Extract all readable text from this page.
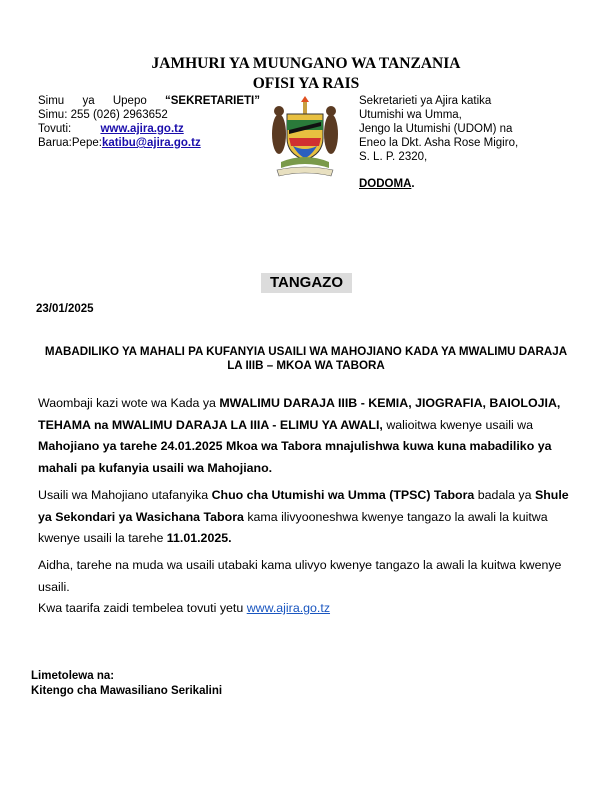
JAMHURI YA MUUNGANO WA TANZANIA
OFISI YA RAIS
Simu ya Upepo “SEKRETARIETI”
Simu: 255 (026) 2963652
Tovuti:	www.ajira.go.tz
Barua:Pepe:katibu@ajira.go.tz
Sekretarieti ya Ajira katika
Utumishi wa Umma,
Jengo la Utumishi (UDOM) na
Eneo la Dkt. Asha Rose Migiro,
S. L. P. 2320,
DODOMA.
TANGAZO
23/01/2025
MABADILIKO YA MAHALI PA KUFANYIA USAILI WA MAHOJIANO KADA YA MWALIMU DARAJA
LA IIIB – MKOA WA TABORA
Waombaji kazi wote wa Kada ya MWALIMU DARAJA IIIB - KEMIA, JIOGRAFIA, BAIOLOJIA, TEHAMA na MWALIMU DARAJA LA IIIA - ELIMU YA AWALI, walioitwa kwenye usaili wa Mahojiano ya tarehe 24.01.2025 Mkoa wa Tabora mnajulishwa kuwa kuna mabadiliko ya mahali pa kufanyia usaili wa Mahojiano.
Usaili wa Mahojiano utafanyika Chuo cha Utumishi wa Umma (TPSC) Tabora badala ya Shule ya Sekondari ya Wasichana Tabora kama ilivyooneshwa kwenye tangazo la awali la kuitwa kwenye usaili la tarehe 11.01.2025.
Aidha, tarehe na muda wa usaili utabaki kama ulivyo kwenye tangazo la awali la kuitwa kwenye usaili.
Kwa taarifa zaidi tembelea tovuti yetu www.ajira.go.tz
Limetolewa na:
Kitengo cha Mawasiliano Serikalini
